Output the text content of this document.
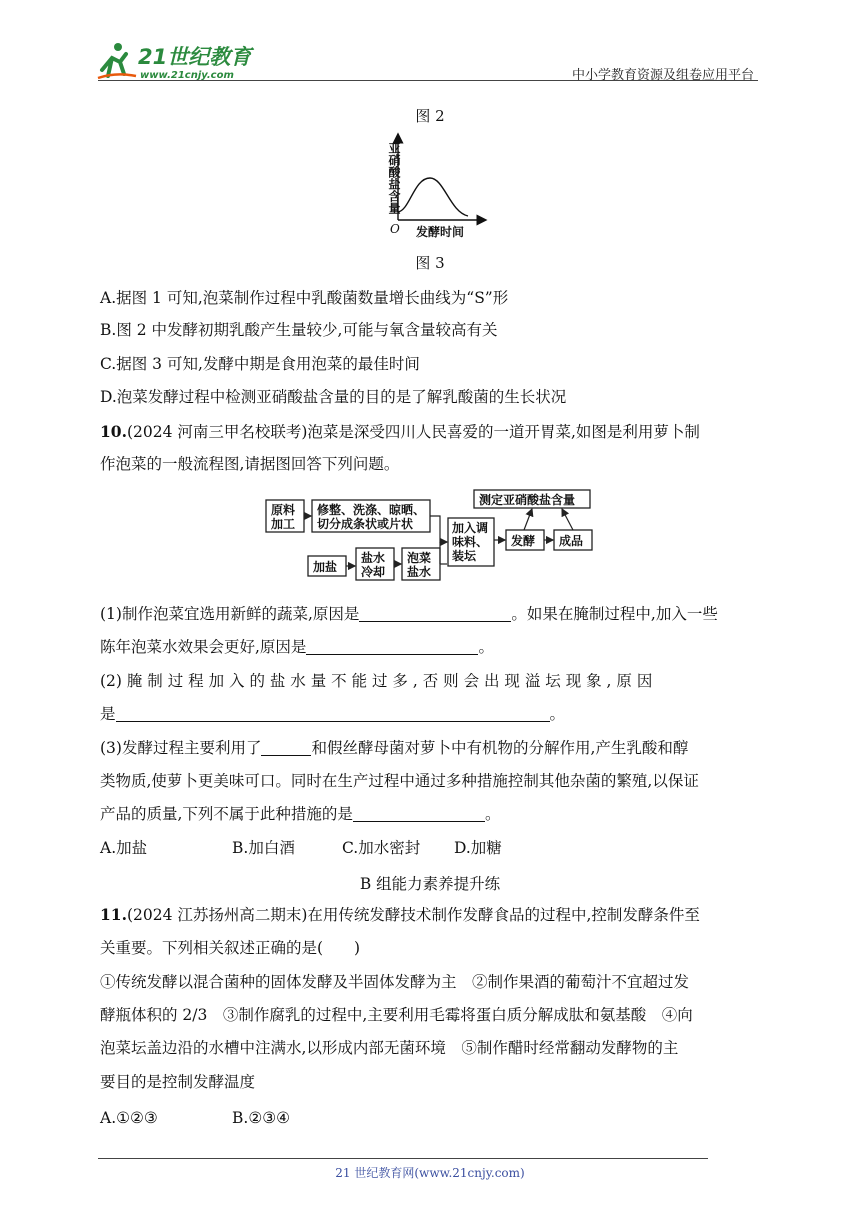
21世纪教育
www.21cnjy.com	中小学教育资源及组卷应用平台
图 2
亚硝酸盐含量
O 发酵时间
图 3
A.据图 1 可知,泡菜制作过程中乳酸菌数量增长曲线为“S”形
B.图 2 中发酵初期乳酸产生量较少,可能与氧含量较高有关
C.据图 3 可知,发酵中期是食用泡菜的最佳时间
D.泡菜发酵过程中检测亚硝酸盐含量的目的是了解乳酸菌的生长状况
10.(2024 河南三甲名校联考)泡菜是深受四川人民喜爱的一道开胃菜,如图是利用萝卜制
作泡菜的一般流程图,请据图回答下列问题。
原料
加工
修整、洗涤、晾晒、
切分成条状或片状
测定亚硝酸盐含量
加入调
味料、
装坛
发酵 成品
加盐
盐水
冷却
泡菜
盐水
(1)制作泡菜宜选用新鲜的蔬菜,原因是	。如果在腌制过程中,加入一些
陈年泡菜水效果会更好,原因是	。
(2) 腌 制 过 程 加 入 的 盐 水 量 不 能 过 多 , 否 则 会 出 现 溢 坛 现 象 , 原 因
是	。
(3)发酵过程主要利用了	和假丝酵母菌对萝卜中有机物的分解作用,产生乳酸和醇
类物质,使萝卜更美味可口。同时在生产过程中通过多种措施控制其他杂菌的繁殖,以保证
产品的质量,下列不属于此种措施的是	。
A.加盐	B.加白酒	C.加水密封 D.加糖
B 组能力素养提升练
11.(2024 江苏扬州高二期末)在用传统发酵技术制作发酵食品的过程中,控制发酵条件至
关重要。下列相关叙述正确的是(　　)
①传统发酵以混合菌种的固体发酵及半固体发酵为主　②制作果酒的葡萄汁不宜超过发
酵瓶体积的 2/3　③制作腐乳的过程中,主要利用毛霉将蛋白质分解成肽和氨基酸　④向
泡菜坛盖边沿的水槽中注满水,以形成内部无菌环境　⑤制作醋时经常翻动发酵物的主
要目的是控制发酵温度
A.①②③	B.②③④
21 世纪教育网(www.21cnjy.com)
